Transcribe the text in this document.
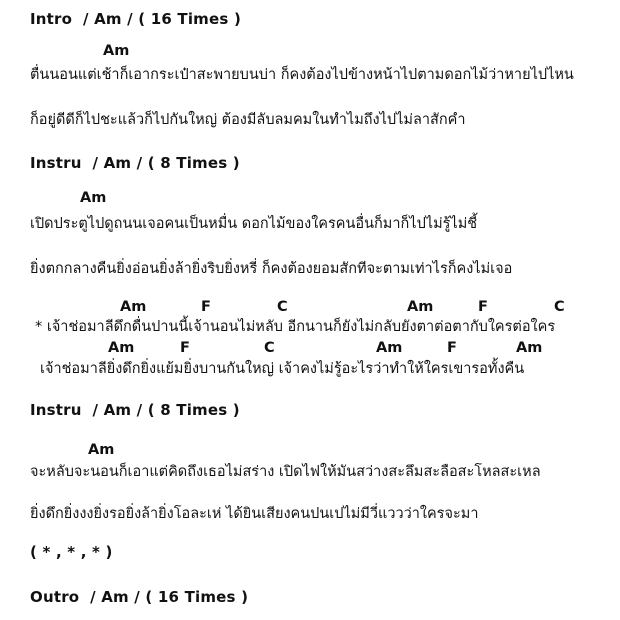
Intro  / Am / ( 16 Times )
Am
ตื่นนอนแต่เช้าก็เอากระเป๋าสะพายบนบ่า ก็คงต้องไปข้างหน้าไปตามดอกไม้ว่าหายไปไหน
ก็อยู่ดีดีก็ไปชะแล้วก็ไปกันใหญ่ ต้องมีลับลมคมในทำไมถึงไปไม่ลาสักคำ
Instru  / Am / ( 8 Times )
Am
เปิดประตูไปดูถนนเจอคนเป็นหมื่น ดอกไม้ของใครคนอื่นก็มาก็ไปไม่รู้ไม่ชี้
ยิ่งตกกลางคืนยิ่งอ่อนยิ่งล้ายิ่งริบยิ่งหรี่ ก็คงต้องยอมสักทีจะตามเท่าไรก็คงไม่เจอ
Am	F	C	Am	F	C
* เจ้าช่อมาลีดึกดื่นปานนี้เจ้านอนไม่หลับ อีกนานก็ยังไม่กลับยังตาต่อตากับใครต่อใคร
Am	F	C	Am	F	Am
เจ้าช่อมาลียิ่งดึกยิ่งแย้มยิ่งบานกันใหญ่ เจ้าคงไม่รู้อะไรว่าทำให้ใครเขารอทั้งคืน
Instru  / Am / ( 8 Times )
Am
จะหลับจะนอนก็เอาแต่คิดถึงเธอไม่สร่าง เปิดไฟให้มันสว่างสะลึมสะลือสะโหลสะเหล
ยิ่งดึกยิ่งงงยิ่งรอยิ่งล้ายิ่งโอละเห่ ได้ยินเสียงคนปนเปไม่มีวี่แววว่าใครจะมา
( * , * , * )
Outro  / Am / ( 16 Times )
